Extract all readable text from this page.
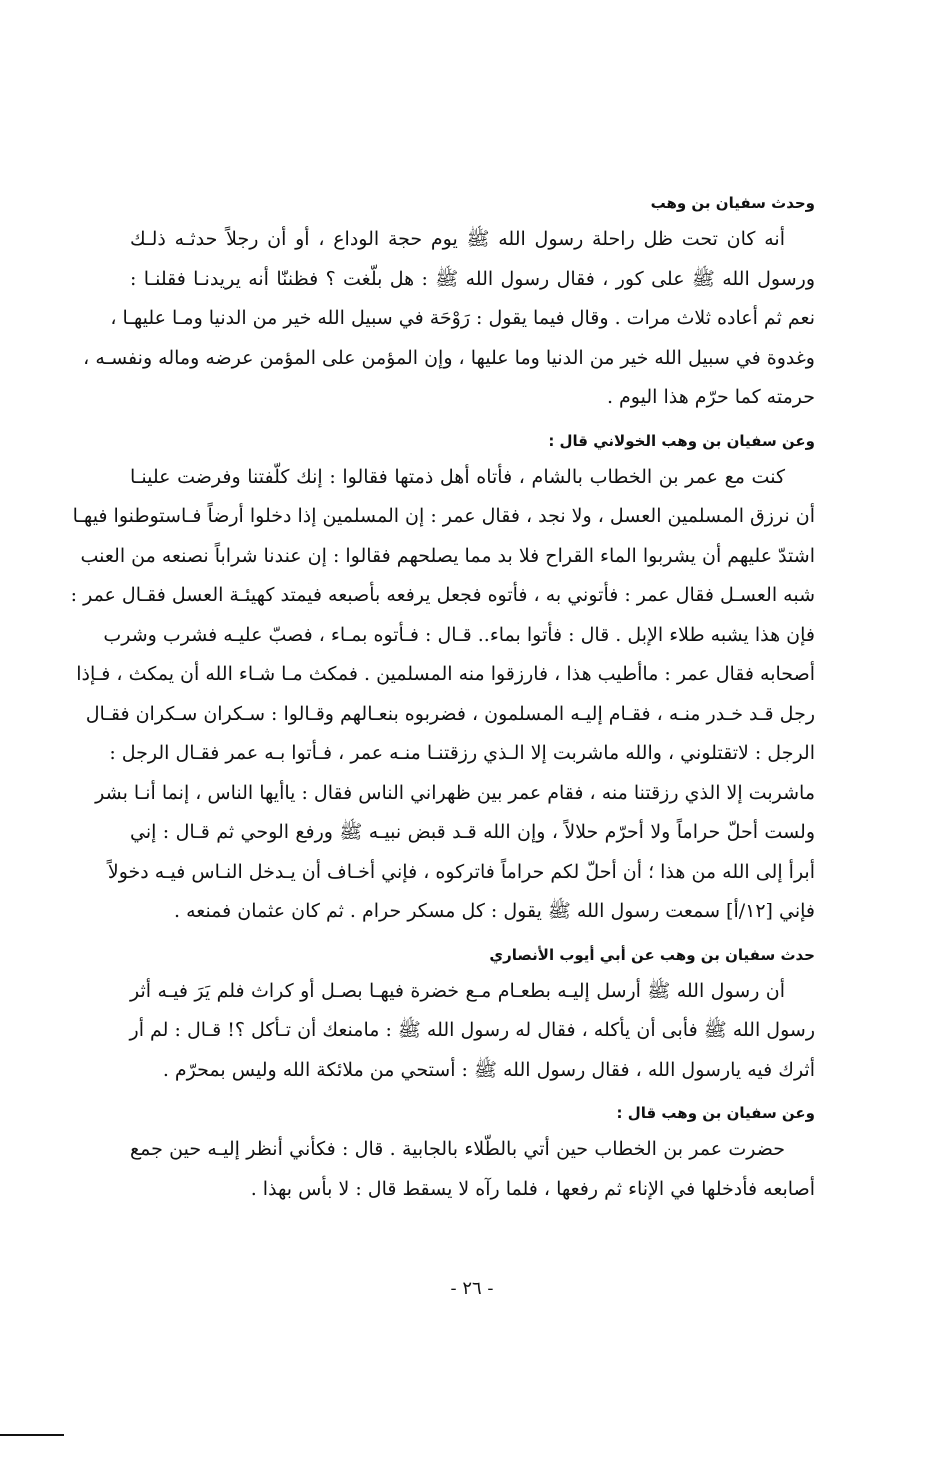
وحدث سفيان بن وهب
أنه كان تحت ظل راحلة رسول الله ﷺ يوم حجة الوداع ، أو أن رجلاً حدثـه ذلـك
ورسول الله ﷺ على كور ، فقال رسول الله ﷺ : هل بلّغت ؟ فظننّا أنه يريدنـا فقلنـا :
نعم ثم أعاده ثلاث مرات . وقال فيما يقول : رَوْحَة في سبيل الله خير من الدنيا ومـا عليهـا ،
وغدوة في سبيل الله خير من الدنيا وما عليها ، وإن المؤمن على المؤمن عرضه وماله ونفسـه ،
حرمته كما حرّم هذا اليوم .
وعن سفيان بن وهب الخولاني قال :
كنت مع عمر بن الخطاب بالشام ، فأتاه أهل ذمتها فقالوا : إنك كلّفتنا وفرضت علينـا
أن نرزق المسلمين العسل ، ولا نجد ، فقال عمر : إن المسلمين إذا دخلوا أرضاً فـاستوطنوا فيهـا
اشتدّ عليهم أن يشربوا الماء القراح فلا بد مما يصلحهم فقالوا : إن عندنا شراباً نصنعه من العنب
شبه العسـل فقال عمر : فأتوني به ، فأتوه فجعل يرفعه بأصبعه فيمتد كهيئـة العسل فقـال عمر :
فإن هذا يشبه طلاء الإبل . قال : فأتوا بماء.. قـال : فـأتوه بمـاء ، فصبّ عليـه فشرب وشرب
أصحابه فقال عمر : ماأطيب هذا ، فارزقوا منه المسلمين . فمكث مـا شـاء الله أن يمكث ، فـإذا
رجل قـد خـدر منـه ، فقـام إليـه المسلمون ، فضربوه بنعـالهم وقـالوا : سـكران سـكران فقـال
الرجل : لاتقتلوني ، والله ماشربت إلا الـذي رزقتنـا منـه عمر ، فـأتوا بـه عمر فقـال الرجل :
ماشربت إلا الذي رزقتنا منه ، فقام عمر بين ظهراني الناس فقال : ياأيها الناس ، إنما أنـا بشر
ولست أحلّ حراماً ولا أحرّم حلالاً ، وإن الله قـد قبض نبيـه ﷺ ورفع الوحي ثم قـال : إني
أبرأ إلى الله من هذا ؛ أن أحلّ لكم حراماً فاتركوه ، فإني أخـاف أن يـدخل النـاس فيـه دخولاً
فإني [١٢/أ] سمعت رسول الله ﷺ يقول : كل مسكر حرام . ثم كان عثمان فمنعه .
حدث سفيان بن وهب عن أبي أيوب الأنصاري
أن رسول الله ﷺ أرسل إليـه بطعـام مـع خضرة فيهـا بصـل أو كراث فلم يَرَ فيـه أثر
رسول الله ﷺ فأبى أن يأكله ، فقال له رسول الله ﷺ : مامنعك أن تـأكل ؟! قـال : لم أر
أثرك فيه يارسول الله ، فقال رسول الله ﷺ : أستحي من ملائكة الله وليس بمحرّم .
وعن سفيان بن وهب قال :
حضرت عمر بن الخطاب حين أتي بالطّلاء بالجابية . قال : فكأني أنظر إليـه حين جمع
أصابعه فأدخلها في الإناء ثم رفعها ، فلما رآه لا يسقط قال : لا بأس بهذا .
- ٢٦ -
